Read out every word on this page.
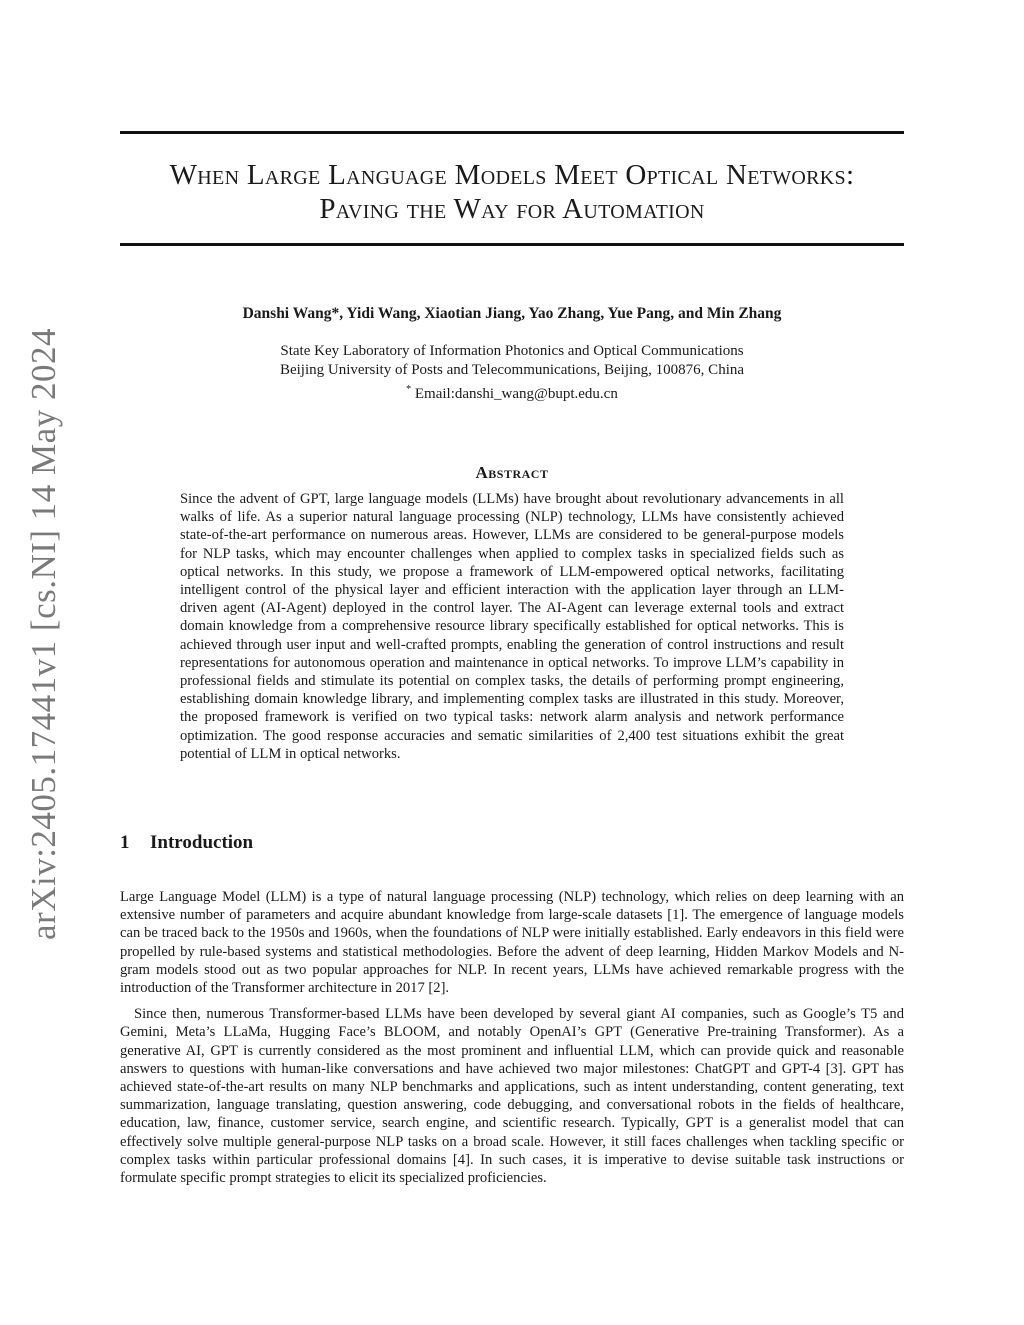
arXiv:2405.17441v1 [cs.NI] 14 May 2024
When Large Language Models Meet Optical Networks:
Paving the Way for Automation
Danshi Wang*, Yidi Wang, Xiaotian Jiang, Yao Zhang, Yue Pang, and Min Zhang
State Key Laboratory of Information Photonics and Optical Communications
Beijing University of Posts and Telecommunications, Beijing, 100876, China
* Email:danshi_wang@bupt.edu.cn
Abstract
Since the advent of GPT, large language models (LLMs) have brought about revolutionary advancements in all walks of life. As a superior natural language processing (NLP) technology, LLMs have consistently achieved state-of-the-art performance on numerous areas. However, LLMs are considered to be general-purpose models for NLP tasks, which may encounter challenges when applied to complex tasks in specialized fields such as optical networks. In this study, we propose a framework of LLM-empowered optical networks, facilitating intelligent control of the physical layer and efficient interaction with the application layer through an LLM-driven agent (AI-Agent) deployed in the control layer. The AI-Agent can leverage external tools and extract domain knowledge from a comprehensive resource library specifically established for optical networks. This is achieved through user input and well-crafted prompts, enabling the generation of control instructions and result representations for autonomous operation and maintenance in optical networks. To improve LLM’s capability in professional fields and stimulate its potential on complex tasks, the details of performing prompt engineering, establishing domain knowledge library, and implementing complex tasks are illustrated in this study. Moreover, the proposed framework is verified on two typical tasks: network alarm analysis and network performance optimization. The good response accuracies and sematic similarities of 2,400 test situations exhibit the great potential of LLM in optical networks.
1 Introduction

Large Language Model (LLM) is a type of natural language processing (NLP) technology, which relies on deep learning with an extensive number of parameters and acquire abundant knowledge from large-scale datasets [1]. The emergence of language models can be traced back to the 1950s and 1960s, when the foundations of NLP were initially established. Early endeavors in this field were propelled by rule-based systems and statistical methodologies. Before the advent of deep learning, Hidden Markov Models and N-gram models stood out as two popular approaches for NLP. In recent years, LLMs have achieved remarkable progress with the introduction of the Transformer architecture in 2017 [2].

Since then, numerous Transformer-based LLMs have been developed by several giant AI companies, such as Google’s T5 and Gemini, Meta’s LLaMa, Hugging Face’s BLOOM, and notably OpenAI’s GPT (Generative Pre-training Transformer). As a generative AI, GPT is currently considered as the most prominent and influential LLM, which can provide quick and reasonable answers to questions with human-like conversations and have achieved two major milestones: ChatGPT and GPT-4 [3]. GPT has achieved state-of-the-art results on many NLP benchmarks and applications, such as intent understanding, content generating, text summarization, language translating, question answering, code debugging, and conversational robots in the fields of healthcare, education, law, finance, customer service, search engine, and scientific research. Typically, GPT is a generalist model that can effectively solve multiple general-purpose NLP tasks on a broad scale. However, it still faces challenges when tackling specific or complex tasks within particular professional domains [4]. In such cases, it is imperative to devise suitable task instructions or formulate specific prompt strategies to elicit its specialized proficiencies.
